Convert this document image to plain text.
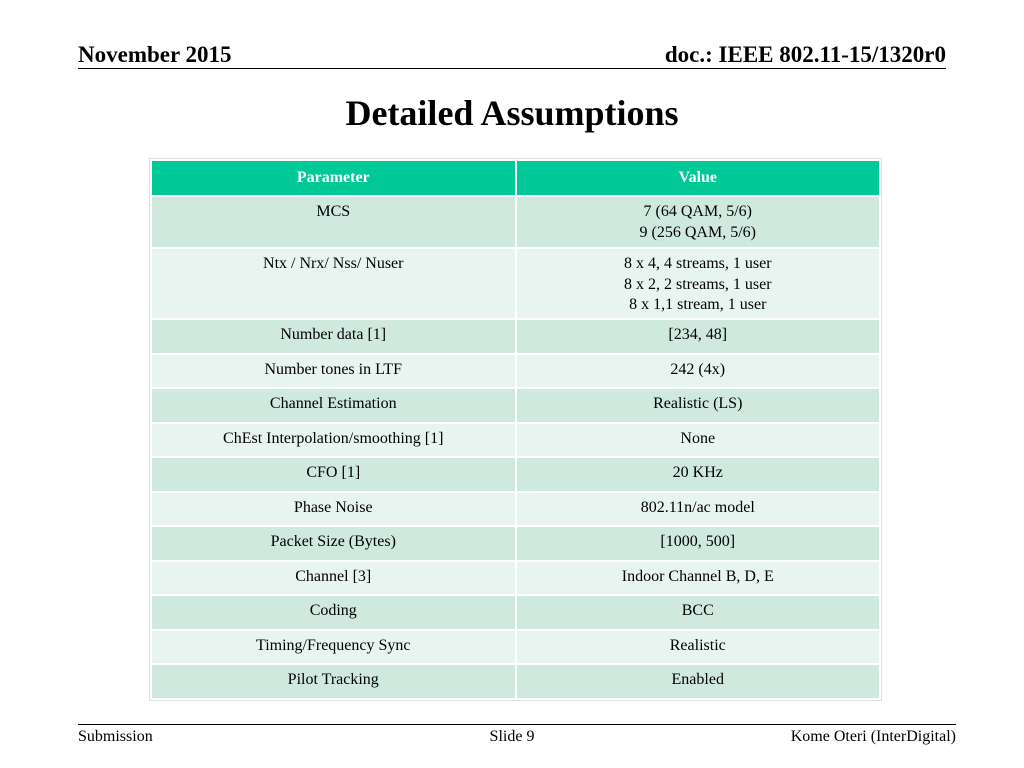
November 2015	doc.: IEEE 802.11-15/1320r0
Detailed Assumptions
Parameter	Value
MCS	7 (64 QAM, 5/6)
9 (256 QAM, 5/6)

Ntx / Nrx/ Nss/ Nuser	8 x 4, 4 streams, 1 user
8 x 2, 2 streams, 1 user
8 x 1,1 stream, 1 user

Number data [1]	[234, 48]

Number tones in LTF	242 (4x)

Channel Estimation	Realistic (LS)

ChEst Interpolation/smoothing [1]	None

CFO [1]	20 KHz

Phase Noise	802.11n/ac model

Packet Size (Bytes)	[1000, 500]

Channel [3]	Indoor Channel B, D, E

Coding	BCC

Timing/Frequency Sync	Realistic

Pilot Tracking	Enabled
Submission	Slide 9	Kome Oteri (InterDigital)
